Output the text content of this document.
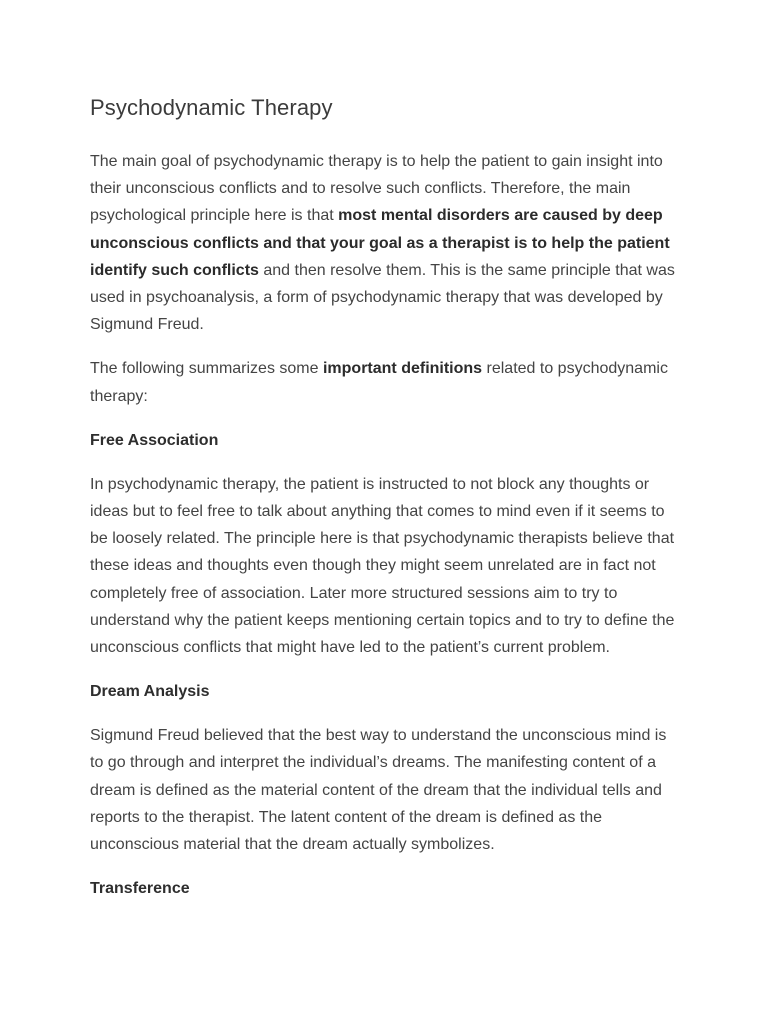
Psychodynamic Therapy

The main goal of psychodynamic therapy is to help the patient to gain insight into their unconscious conflicts and to resolve such conflicts. Therefore, the main psychological principle here is that most mental disorders are caused by deep unconscious conflicts and that your goal as a therapist is to help the patient identify such conflicts and then resolve them. This is the same principle that was used in psychoanalysis, a form of psychodynamic therapy that was developed by Sigmund Freud.

The following summarizes some important definitions related to psychodynamic therapy:

Free Association

In psychodynamic therapy, the patient is instructed to not block any thoughts or ideas but to feel free to talk about anything that comes to mind even if it seems to be loosely related. The principle here is that psychodynamic therapists believe that these ideas and thoughts even though they might seem unrelated are in fact not completely free of association. Later more structured sessions aim to try to understand why the patient keeps mentioning certain topics and to try to define the unconscious conflicts that might have led to the patient’s current problem.

Dream Analysis

Sigmund Freud believed that the best way to understand the unconscious mind is to go through and interpret the individual’s dreams. The manifesting content of a dream is defined as the material content of the dream that the individual tells and reports to the therapist. The latent content of the dream is defined as the unconscious material that the dream actually symbolizes.

Transference
